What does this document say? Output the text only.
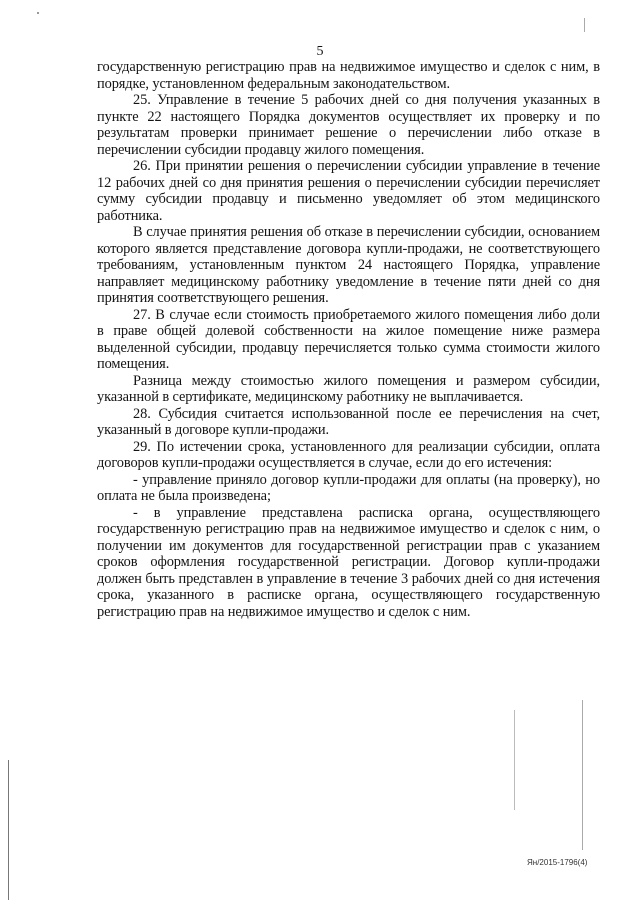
5

государственную регистрацию прав на недвижимое имущество и сделок с ним, в порядке, установленном федеральным законодательством.

25. Управление в течение 5 рабочих дней со дня получения указанных в пункте 22 настоящего Порядка документов осуществляет их проверку и по результатам проверки принимает решение о перечислении либо отказе в перечислении субсидии продавцу жилого помещения.

26. При принятии решения о перечислении субсидии управление в течение 12 рабочих дней со дня принятия решения о перечислении субсидии перечисляет сумму субсидии продавцу и письменно уведомляет об этом медицинского работника.

В случае принятия решения об отказе в перечислении субсидии, основанием которого является представление договора купли-продажи, не соответствующего требованиям, установленным пунктом 24 настоящего Порядка, управление направляет медицинскому работнику уведомление в течение пяти дней со дня принятия соответствующего решения.

27. В случае если стоимость приобретаемого жилого помещения либо доли в праве общей долевой собственности на жилое помещение ниже размера выделенной субсидии, продавцу перечисляется только сумма стоимости жилого помещения.

Разница между стоимостью жилого помещения и размером субсидии, указанной в сертификате, медицинскому работнику не выплачивается.

28. Субсидия считается использованной после ее перечисления на счет, указанный в договоре купли-продажи.

29. По истечении срока, установленного для реализации субсидии, оплата договоров купли-продажи осуществляется в случае, если до его истечения:

- управление приняло договор купли-продажи для оплаты (на проверку), но оплата не была произведена;

- в управление представлена расписка органа, осуществляющего государственную регистрацию прав на недвижимое имущество и сделок с ним, о получении им документов для государственной регистрации прав с указанием сроков оформления государственной регистрации. Договор купли-продажи должен быть представлен в управление в течение 3 рабочих дней со дня истечения срока, указанного в расписке органа, осуществляющего государственную регистрацию прав на недвижимое имущество и сделок с ним.

Ян/2015-1796(4)
